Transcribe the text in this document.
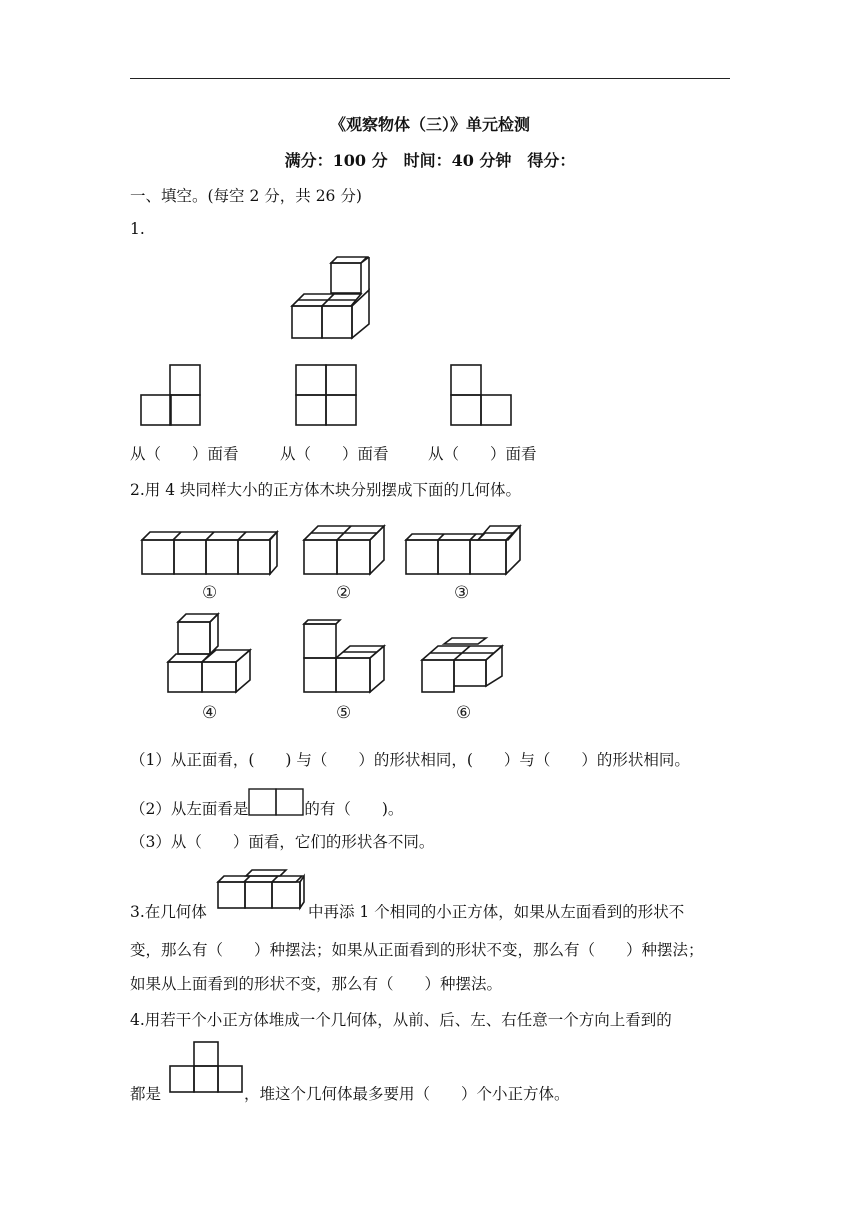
《观察物体（三）》单元检测
满分：100 分　时间：40 分钟　得分：
一、填空。(每空 2 分，共 26 分)
1.
从（　　）面看	从（　　）面看	从（　　）面看
2.用 4 块同样大小的正方体木块分别摆成下面的几何体。
①	②	③
④	⑤	⑥
（1）从正面看，(　　) 与（　　）的形状相同，(　　）与（　　）的形状相同。
（2）从左面看是	的有（　　)。
（3）从（　　）面看，它们的形状各不同。
3.在几何体	中再添 1 个相同的小正方体，如果从左面看到的形状不
变，那么有（　　）种摆法；如果从正面看到的形状不变，那么有（　　）种摆法；
如果从上面看到的形状不变，那么有（　　）种摆法。
4.用若干个小正方体堆成一个几何体，从前、后、左、右任意一个方向上看到的
都是	，堆这个几何体最多要用（　　）个小正方体。
